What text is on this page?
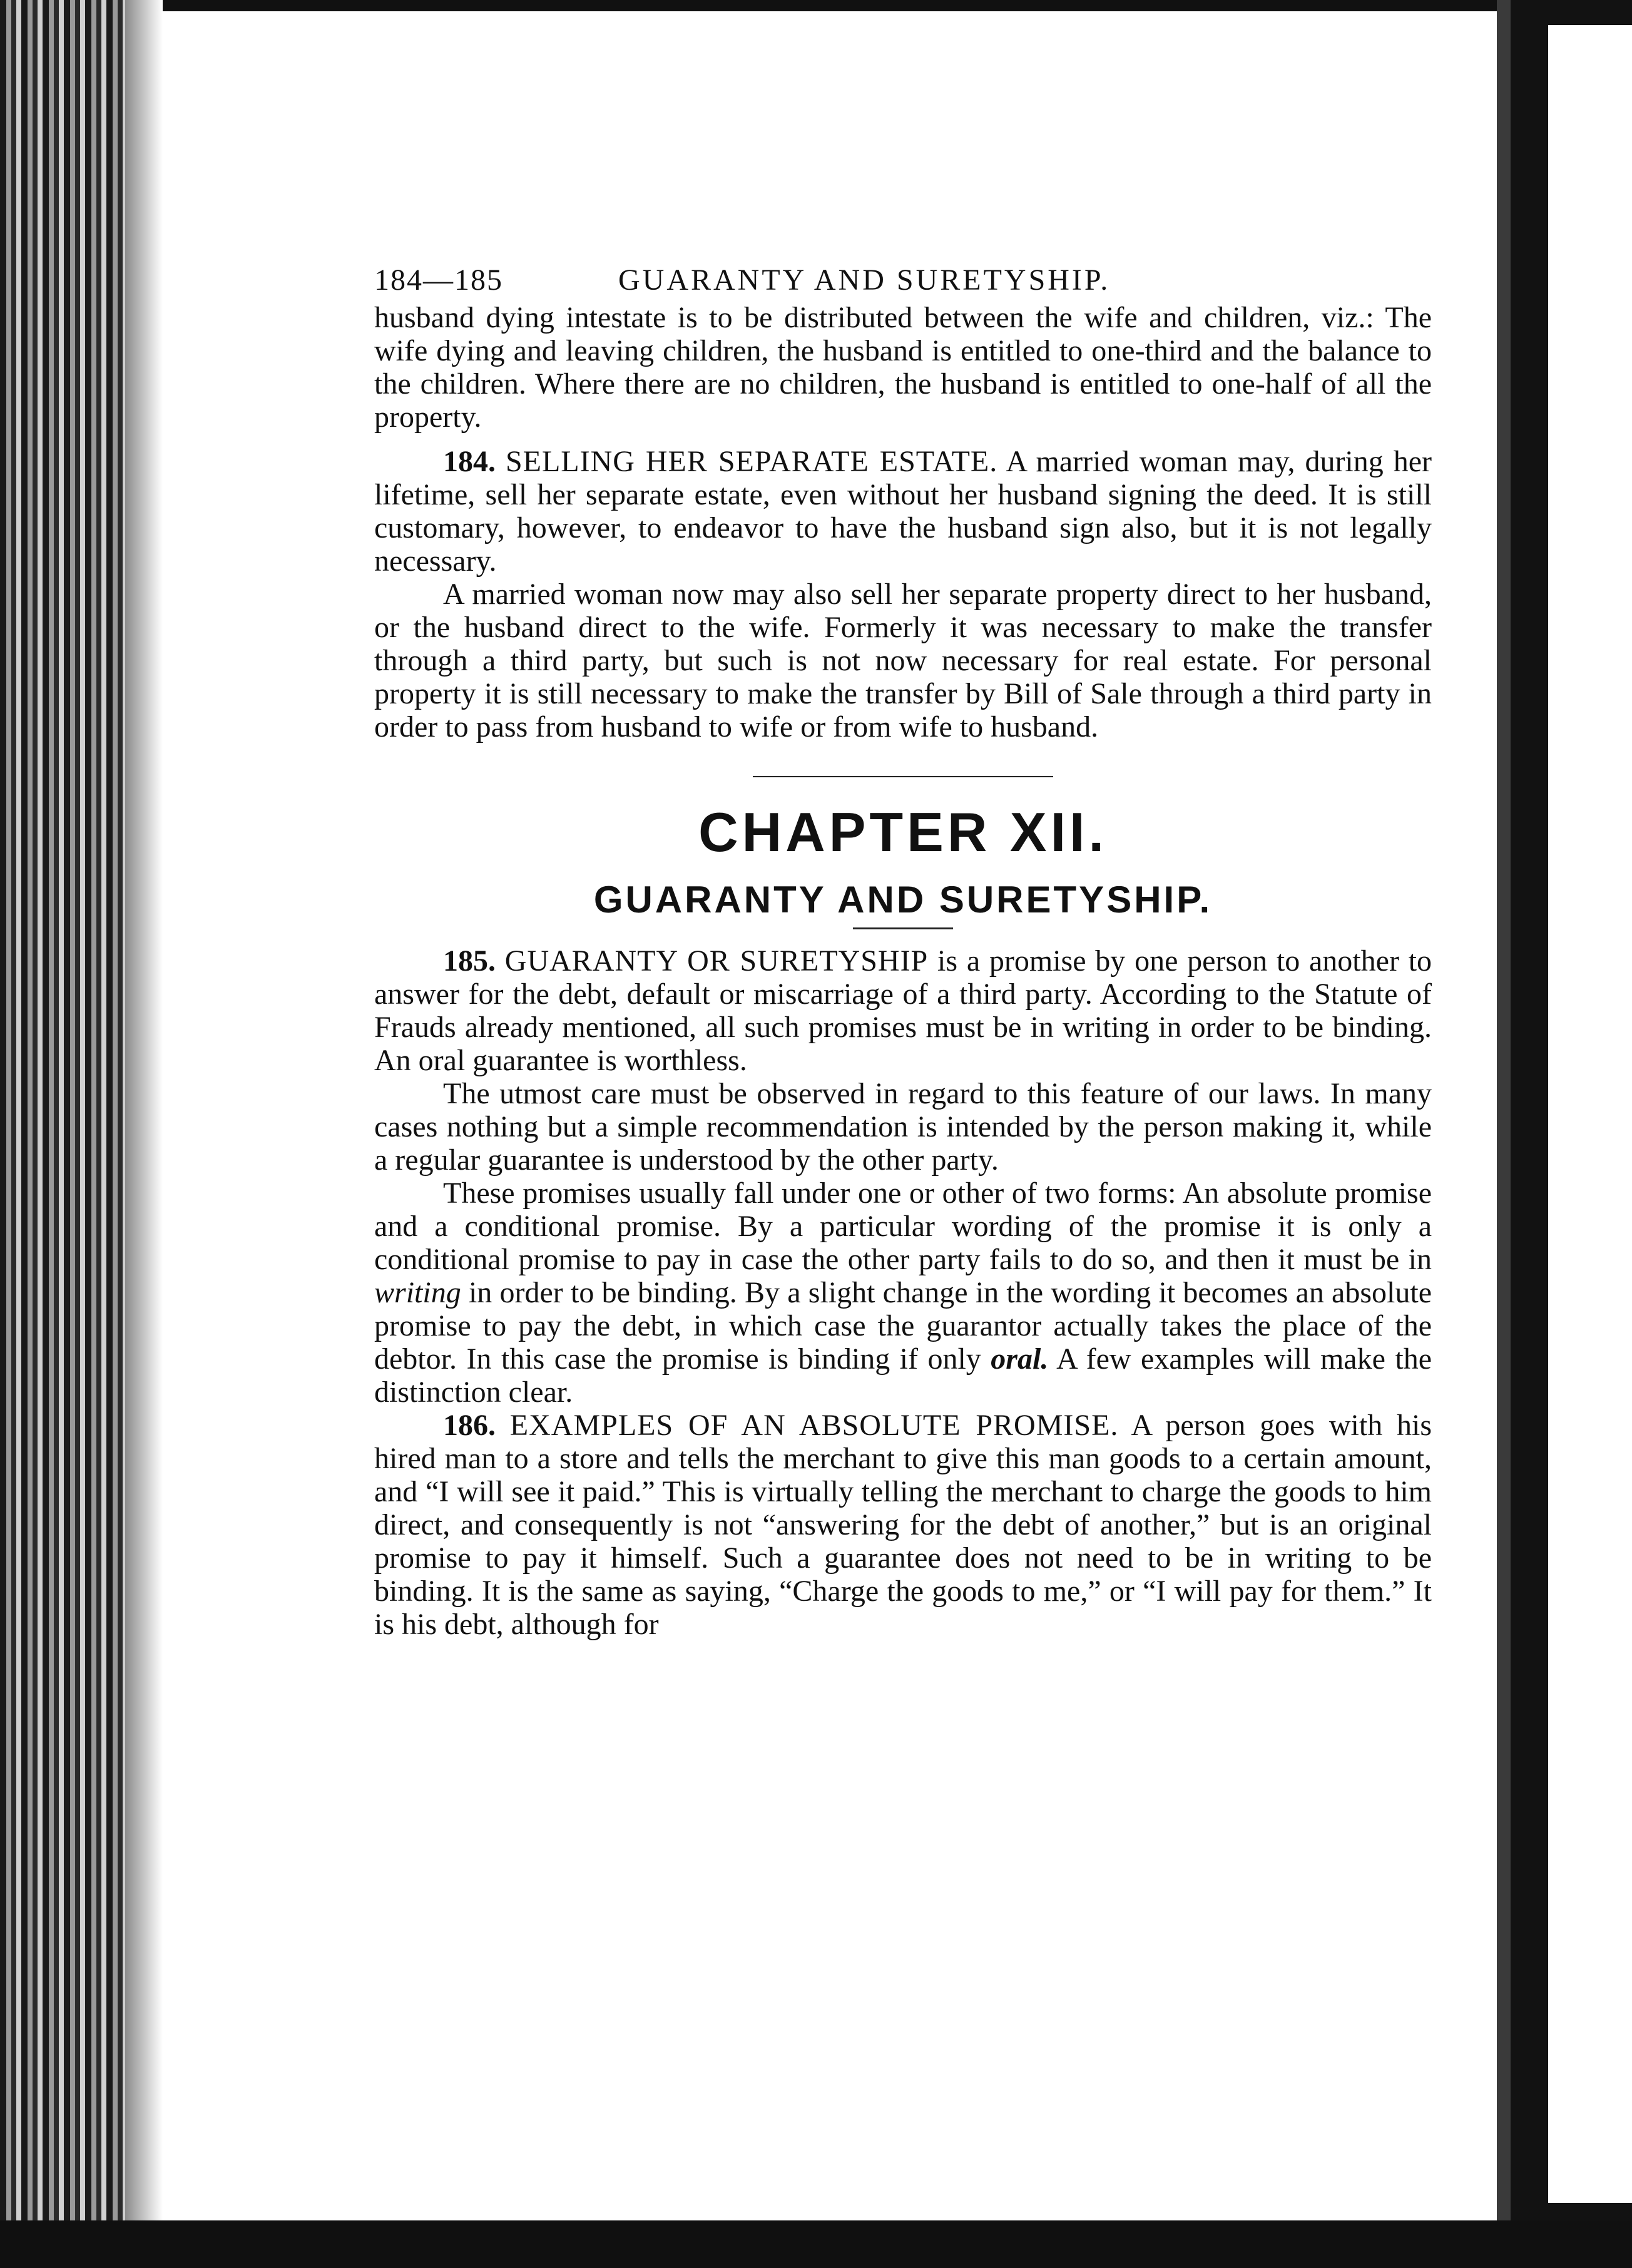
184—185	GUARANTY AND SURETYSHIP.

husband dying intestate is to be distributed between the wife and children, viz.: The wife dying and leaving children, the husband is entitled to one-third and the balance to the children. Where there are no children, the husband is entitled to one-half of all the property.

184. SELLING HER SEPARATE ESTATE. A married woman may, during her lifetime, sell her separate estate, even without her husband signing the deed. It is still customary, however, to endeavor to have the husband sign also, but it is not legally necessary.

A married woman now may also sell her separate property direct to her husband, or the husband direct to the wife. Formerly it was necessary to make the transfer through a third party, but such is not now necessary for real estate. For personal property it is still necessary to make the transfer by Bill of Sale through a third party in order to pass from husband to wife or from wife to husband.

CHAPTER XII.
GUARANTY AND SURETYSHIP.

185. GUARANTY OR SURETYSHIP is a promise by one person to another to answer for the debt, default or miscarriage of a third party. According to the Statute of Frauds already mentioned, all such promises must be in writing in order to be binding. An oral guarantee is worthless.

The utmost care must be observed in regard to this feature of our laws. In many cases nothing but a simple recommendation is intended by the person making it, while a regular guarantee is understood by the other party.

These promises usually fall under one or other of two forms: An absolute promise and a conditional promise. By a particular wording of the promise it is only a conditional promise to pay in case the other party fails to do so, and then it must be in writing in order to be binding. By a slight change in the wording it becomes an absolute promise to pay the debt, in which case the guarantor actually takes the place of the debtor. In this case the promise is binding if only oral. A few examples will make the distinction clear.

186. EXAMPLES OF AN ABSOLUTE PROMISE. A person goes with his hired man to a store and tells the merchant to give this man goods to a certain amount, and “I will see it paid.” This is virtually telling the merchant to charge the goods to him direct, and consequently is not “answering for the debt of another,” but is an original promise to pay it himself. Such a guarantee does not need to be in writing to be binding. It is the same as saying, “Charge the goods to me,” or “I will pay for them.” It is his debt, although for
